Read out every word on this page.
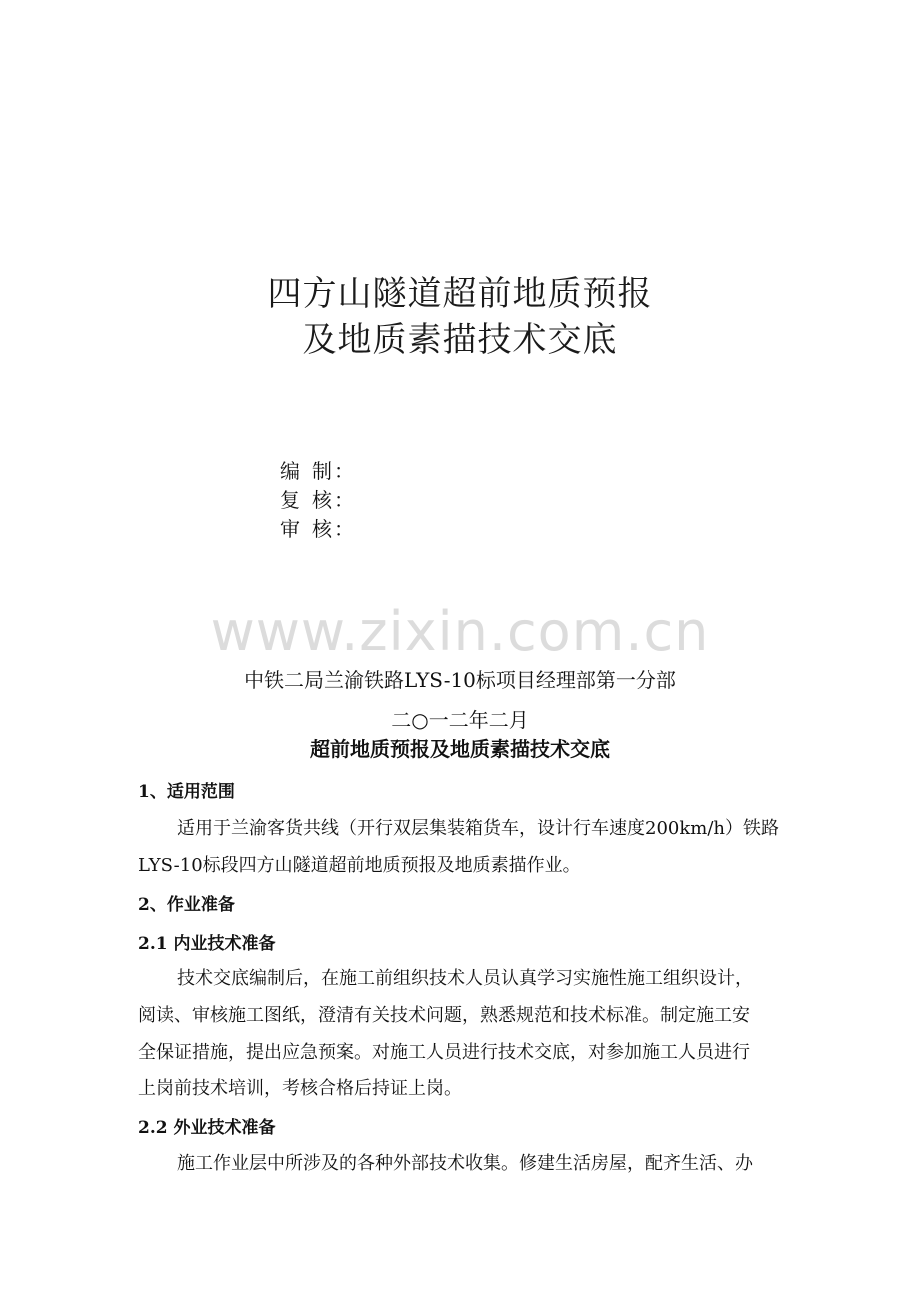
四方山隧道超前地质预报
及地质素描技术交底
编 制：
复 核：
审 核：
www.zixin.com.cn
中铁二局兰渝铁路LYS-10标项目经理部第一分部
二○一二年二月
超前地质预报及地质素描技术交底
1、适用范围
适用于兰渝客货共线（开行双层集装箱货车，设计行车速度200km/h）铁路
LYS-10标段四方山隧道超前地质预报及地质素描作业。
2、作业准备
2.1 内业技术准备
技术交底编制后，在施工前组织技术人员认真学习实施性施工组织设计，
阅读、审核施工图纸，澄清有关技术问题，熟悉规范和技术标准。制定施工安
全保证措施，提出应急预案。对施工人员进行技术交底，对参加施工人员进行
上岗前技术培训，考核合格后持证上岗。
2.2 外业技术准备
施工作业层中所涉及的各种外部技术收集。修建生活房屋，配齐生活、办
